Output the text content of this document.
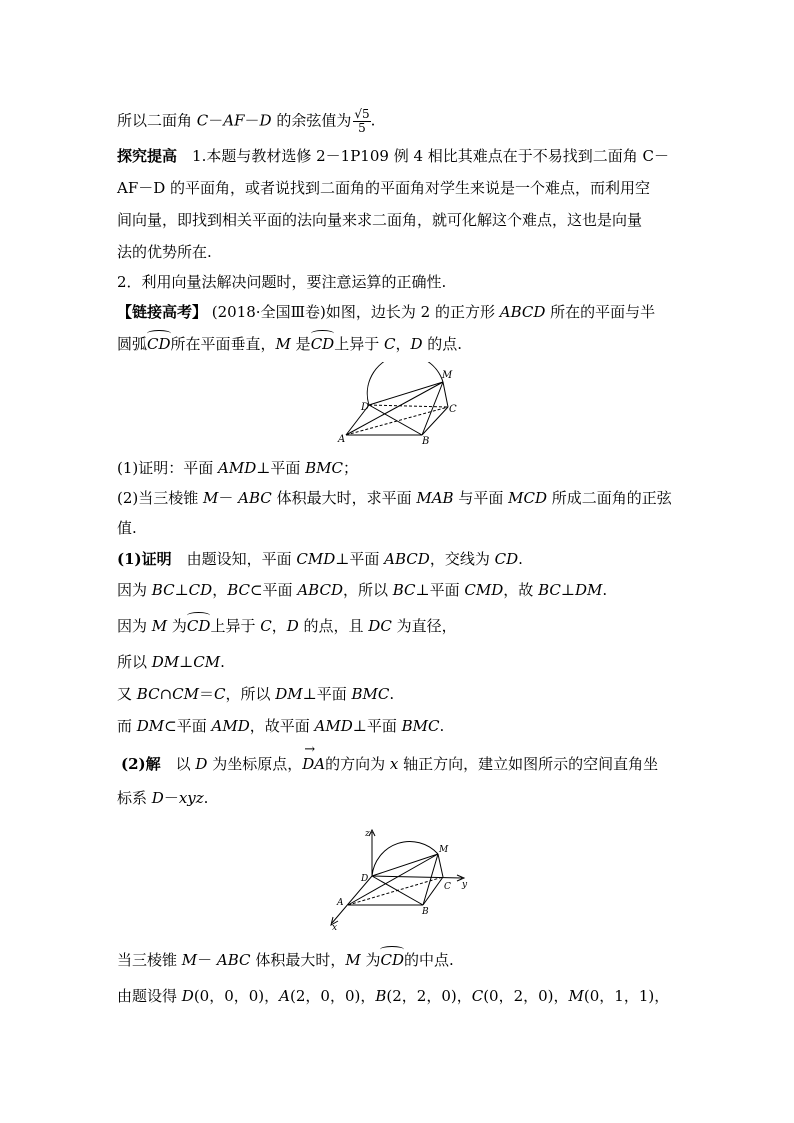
所以二面角 C－AF－D 的余弦值为 $\frac{√5}{5}$ .
探究提高　 1.本题与教材选修 2－1P109 例 4 相比其难点在于不易找到二面角 C－
AF－D 的平面角，或者说找到二面角的平面角对学生来说是一个难点，而利用空
间向量，即找到相关平面的法向量来求二面角，就可化解这个难点，这也是向量
法的优势所在.
2．利用向量法解决问题时，要注意运算的正确性.
【链接高考】 (2018·全国Ⅲ卷)如图，边长为 2 的正方形 ABCD 所在的平面与半
圆弧CD所在平面垂直，M 是CD上异于 C，D 的点.
M
D	C
A	B
(1)证明：平面 AMD⊥平面 BMC；
(2)当三棱锥 M－ ABC 体积最大时，求平面 MAB 与平面 MCD 所成二面角的正弦
值.
(1)证明　由题设知，平面 CMD⊥平面 ABCD，交线为 CD.
因为 BC⊥CD，BC⊂平面 ABCD，所以 BC⊥平面 CMD，故 BC⊥DM.
因为 M 为CD上异于 C，D 的点，且 DC 为直径，
所以 DM⊥CM.
又 BC∩CM＝C，所以 DM⊥平面 BMC.
而 DM⊂平面 AMD，故平面 AMD⊥平面 BMC.
(2)解　以 D 为坐标原点，→ DA的方向为 x 轴正方向，建立如图所示的空间直角坐
标系 D－xyz.
z
M
D
C y
A
B
x
当三棱锥 M－ ABC 体积最大时，M 为CD的中点.
由题设得 D(0，0，0)，A(2，0，0)，B(2，2，0)，C(0，2，0)，M(0，1，1)，
